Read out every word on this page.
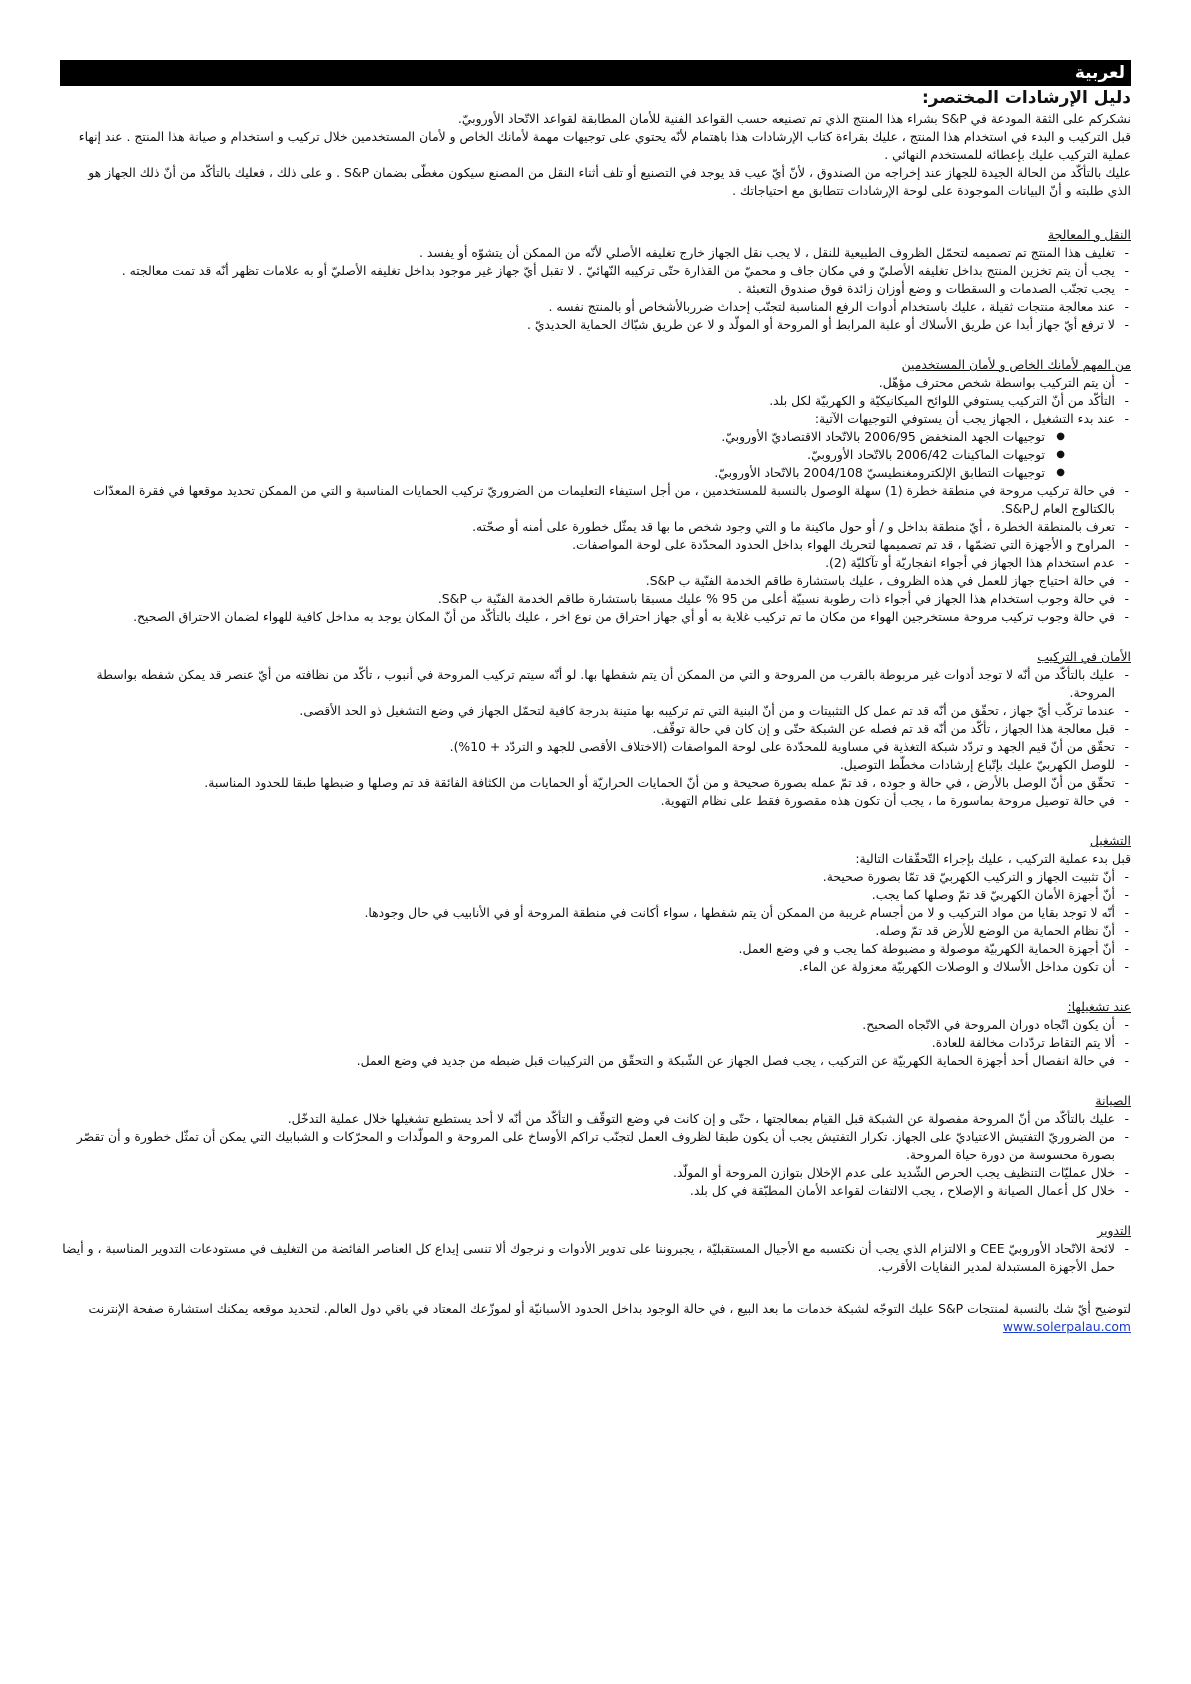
لعربية

دليل الإرشادات المختصر:

نشكركم على الثقة المودعة في S&P بشراء هذا المنتج الذي تم تصنيعه حسب القواعد الفنية للأمان المطابقة لقواعد الاتّحاد الأوروبيّ.

قبل التركيب و البدء في استخدام هذا المنتج ، عليك بقراءة كتاب الإرشادات هذا باهتمام لأنّه يحتوي على توجيهات مهمة لأمانك الخاص و لأمان المستخدمين خلال تركيب و استخدام و صيانة هذا المنتج . عند إنهاء عملية التركيب عليك بإعطائه للمستخدم النهائي .

عليك بالتأكّد من الحالة الجيدة للجهاز عند إخراجه من الصندوق ، لأنّ أيّ عيب قد يوجد في التصنيع أو تلف أثناء النقل من المصنع سيكون مغطّى بضمان S&P . و على ذلك ، فعليك بالتأكّد من أنّ ذلك الجهاز هو الذي طلبته و أنّ البيانات الموجودة على لوحة الإرشادات تتطابق مع احتياجاتك .

النقل و المعالجة

- تغليف هذا المنتج تم تصميمه لتحمّل الظروف الطبيعية للنقل ، لا يجب نقل الجهاز خارج تغليفه الأصلي لأنّه من الممكن أن يتشوّه أو يفسد .
- يجب أن يتم تخزين المنتج بداخل تغليفه الأصليّ و في مكان جاف و محميّ من القذارة حتّى تركيبه النّهائيّ . لا تقبل أيّ جهاز غير موجود بداخل تغليفه الأصليّ أو به علامات تظهر أنّه قد تمت معالجته .
- يجب تجنّب الصدمات و السقطات و وضع أوزان زائدة فوق صندوق التعبئة .
- عند معالجة منتجات ثقيلة ، عليك باستخدام أدوات الرفع المناسبة لتجنّب إحداث ضرربالأشخاص أو بالمنتج نفسه .
- لا ترفع أيّ جهاز أبدا عن طريق الأسلاك أو علبة المرابط أو المروحة أو المولّد و لا عن طريق شبّاك الحماية الحديديّ .

من المهم لأمانك الخاص و لأمان المستخدمين

- أن يتم التركيب بواسطة شخص محترف مؤهّل.
- التأكّد من أنّ التركيب يستوفي اللوائح الميكانيكيّة و الكهربيّة لكل بلد.
- عند بدء التشغيل ، الجهاز يجب أن يستوفي التوجيهات الآتية:
● توجيهات الجهد المنخفض 2006/95 بالاتّحاد الاقتصاديّ الأوروبيّ.
● توجيهات الماكينات 2006/42 بالاتّحاد الأوروبيّ.
● توجيهات التطابق الإلكترومغنطيسيّ 2004/108 بالاتّحاد الأوروبيّ.
- في حالة تركيب مروحة في منطقة خطرة (1) سهلة الوصول بالنسبة للمستخدمين ، من أجل استيفاء التعليمات من الضروريّ تركيب الحمايات المناسبة و التي من الممكن تحديد موقعها في فقرة المعدّات بالكتالوج العام لS&P.
- تعرف بالمنطقة الخطرة ، أيّ منطقة بداخل و / أو حول ماكينة ما و التي وجود شخص ما بها قد يمثّل خطورة على أمنه أو صحّته.
- المراوح و الأجهزة التي تضمّها ، قد تم تصميمها لتحريك الهواء بداخل الحدود المحدّدة على لوحة المواصفات.
- عدم استخدام هذا الجهاز في أجواء انفجاريّة أو تآكليّة (2).
- في حالة احتياج جهاز للعمل في هذه الظروف ، عليك باستشارة طاقم الخدمة الفنّية ب S&P.
- في حالة وجوب استخدام هذا الجهاز في أجواء ذات رطوبة نسبيّة أعلى من 95 % عليك مسبقا باستشارة طاقم الخدمة الفنّية ب S&P.
- في حالة وجوب تركيب مروحة مستخرجين الهواء من مكان ما تم تركيب غلاية به أو أي جهاز احتراق من نوع اخر ، عليك بالتأكّد من أنّ المكان يوجد به مداخل كافية للهواء لضمان الاحتراق الصحيح.

الأمان في التركيب

- عليك بالتأكّد من أنّه لا توجد أدوات غير مربوطة بالقرب من المروحة و التي من الممكن أن يتم شفطها بها. لو أنّه سيتم تركيب المروحة في أنبوب ، تأكّد من نظافته من أيّ عنصر قد يمكن شفطه بواسطة المروحة.
- عندما تركّب أيّ جهاز ، تحقّق من أنّه قد تم عمل كل التثبيتات و من أنّ البنية التي تم تركيبه بها متينة بدرجة كافية لتحمّل الجهاز في وضع التشغيل ذو الحد الأقصى.
- قبل معالجة هذا الجهاز ، تأكّد من أنّه قد تم فصله عن الشبكة حتّى و إن كان في حالة توقّف.
- تحقّق من أنّ قيم الجهد و تردّد شبكة التغذية في مساوية للمحدّدة على لوحة المواصفات (الاختلاف الأقصى للجهد و التردّد + 10%).
- للوصل الكهربيّ عليك بإتّباع إرشادات مخطّط التوصيل.
- تحقّق من أنّ الوصل بالأرض ، في حالة و جوده ، قد تمّ عمله بصورة صحيحة و من أنّ الحمايات الحراريّة أو الحمايات من الكثافة الفائقة قد تم وصلها و ضبطها طبقا للحدود المناسبة.
- في حالة توصيل مروحة بماسورة ما ، يجب أن تكون هذه مقصورة فقط على نظام التهوية.

التشغيل

قبل بدء عملية التركيب ، عليك بإجراء التّحقّقات التالية:

- أنّ تثبيت الجهاز و التركيب الكهربيّ قد تمّا بصورة صحيحة.
- أنّ أجهزة الأمان الكهربيّ قد تمّ وصلها كما يجب.
- أنّه لا توجد بقايا من مواد التركيب و لا من أجسام غريبة من الممكن أن يتم شفطها ، سواء أكانت في منطقة المروحة أو في الأنابيب في حال وجودها.
- أنّ نظام الحماية من الوضع للأرض قد تمّ وصله.
- أنّ أجهزة الحماية الكهربيّة موصولة و مضبوطة كما يجب و في وضع العمل.
- أن تكون مداخل الأسلاك و الوصلات الكهربيّة معزولة عن الماء.

عند تشغيلها:

- أن يكون اتّجاه دوران المروحة في الاتّجاه الصحيح.
- ألا يتم التقاط تردّدات مخالفة للعادة.
- في حالة انفصال أحد أجهزة الحماية الكهربيّة عن التركيب ، يجب فصل الجهاز عن الشّبكة و التحقّق من التركيبات قبل ضبطه من جديد في وضع العمل.

الصيانة

- عليك بالتأكّد من أنّ المروحة مفصولة عن الشبكة قبل القيام بمعالجتها ، حتّى و إن كانت في وضع التوقّف و التأكّد من أنّه لا أحد يستطيع تشغيلها خلال عملية التدخّل.
- من الضروريّ التفتيش الاعتياديّ على الجهاز. تكرار التفتيش يجب أن يكون طبقا لظروف العمل لتجنّب تراكم الأوساخ على المروحة و المولّدات و المحرّكات و الشبابيك التي يمكن أن تمثّل خطورة و أن تقصّر بصورة محسوسة من دورة حياة المروحة.
- خلال عمليّات التنظيف يجب الحرص الشّديد على عدم الإخلال بتوازن المروحة أو المولّد.
- خلال كل أعمال الصيانة و الإصلاح ، يجب الالتفات لقواعد الأمان المطبّقة في كل بلد.

التدوير

- لائحة الاتّحاد الأوروبيّ CEE و الالتزام الذي يجب أن نكتسبه مع الأجيال المستقبليّة ، يجبروننا على تدوير الأدوات و نرجوك ألا تنسى إيداع كل العناصر الفائضة من التغليف في مستودعات التدوير المناسبة ، و أيضا حمل الأجهزة المستبدلة لمدير النفايات الأقرب.

لتوضيح أيّ شك بالنسبة لمنتجات S&P عليك التوجّه لشبكة خدمات ما بعد البيع ، في حالة الوجود بداخل الحدود الأسبانيّة أو لموزّعك المعتاد في باقي دول العالم. لتحديد موقعه يمكنك استشارة صفحة الإنترنت
www.solerpalau.com
